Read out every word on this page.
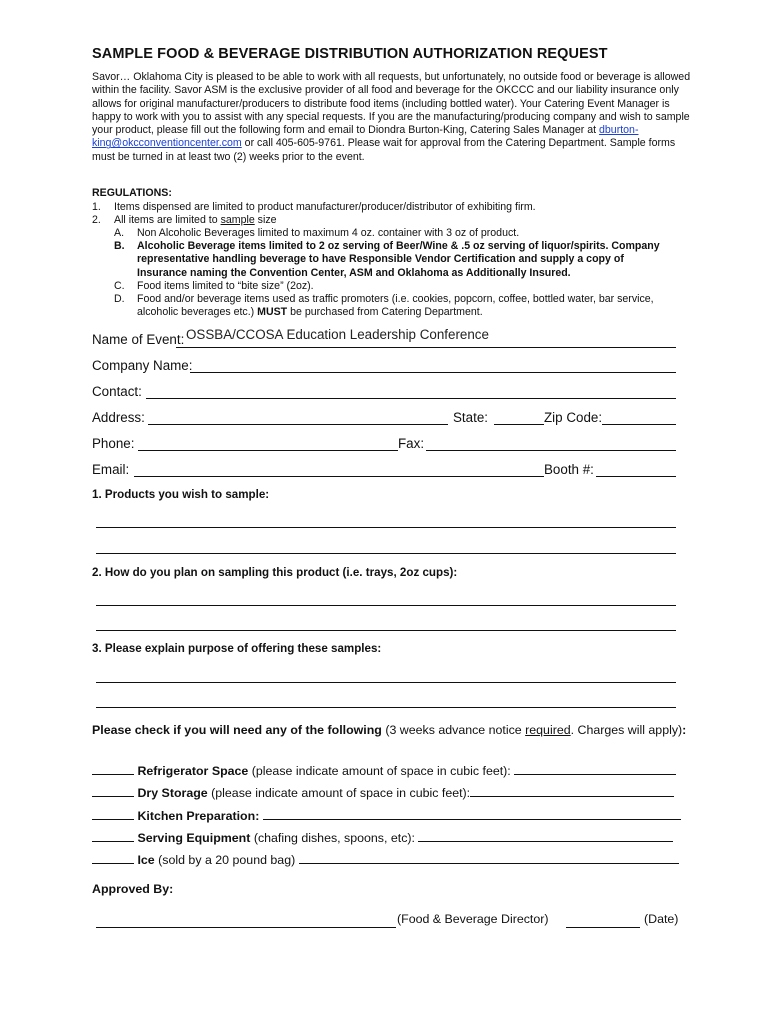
SAMPLE FOOD & BEVERAGE DISTRIBUTION AUTHORIZATION REQUEST
Savor… Oklahoma City is pleased to be able to work with all requests, but unfortunately, no outside food or beverage is allowed within the facility. Savor ASM is the exclusive provider of all food and beverage for the OKCCC and our liability insurance only allows for original manufacturer/producers to distribute food items (including bottled water). Your Catering Event Manager is happy to work with you to assist with any special requests. If you are the manufacturing/producing company and wish to sample your product, please fill out the following form and email to Diondra Burton-King, Catering Sales Manager at dburton-king@okcconventioncenter.com or call 405-605-9761. Please wait for approval from the Catering Department. Sample forms must be turned in at least two (2) weeks prior to the event.
REGULATIONS:
1. Items dispensed are limited to product manufacturer/producer/distributor of exhibiting firm.
2. All items are limited to sample size
A. Non Alcoholic Beverages limited to maximum 4 oz. container with 3 oz of product.
B. Alcoholic Beverage items limited to 2 oz serving of Beer/Wine & .5 oz serving of liquor/spirits. Company representative handling beverage to have Responsible Vendor Certification and supply a copy of Insurance naming the Convention Center, ASM and Oklahoma as Additionally Insured.
C. Food items limited to “bite size” (2oz).
D. Food and/or beverage items used as traffic promoters (i.e. cookies, popcorn, coffee, bottled water, bar service, alcoholic beverages etc.) MUST be purchased from Catering Department.
Name of Event: OSSBA/CCOSA Education Leadership Conference
Company Name:
Contact:
Address:	State:	Zip Code:
Phone:	Fax:
Email:	Booth #:
1. Products you wish to sample:
2. How do you plan on sampling this product (i.e. trays, 2oz cups):
3. Please explain purpose of offering these samples:
Please check if you will need any of the following (3 weeks advance notice required. Charges will apply):
Refrigerator Space (please indicate amount of space in cubic feet):
Dry Storage (please indicate amount of space in cubic feet):
Kitchen Preparation:
Serving Equipment (chafing dishes, spoons, etc):
Ice (sold by a 20 pound bag)
Approved By:
(Food & Beverage Director)	(Date)
